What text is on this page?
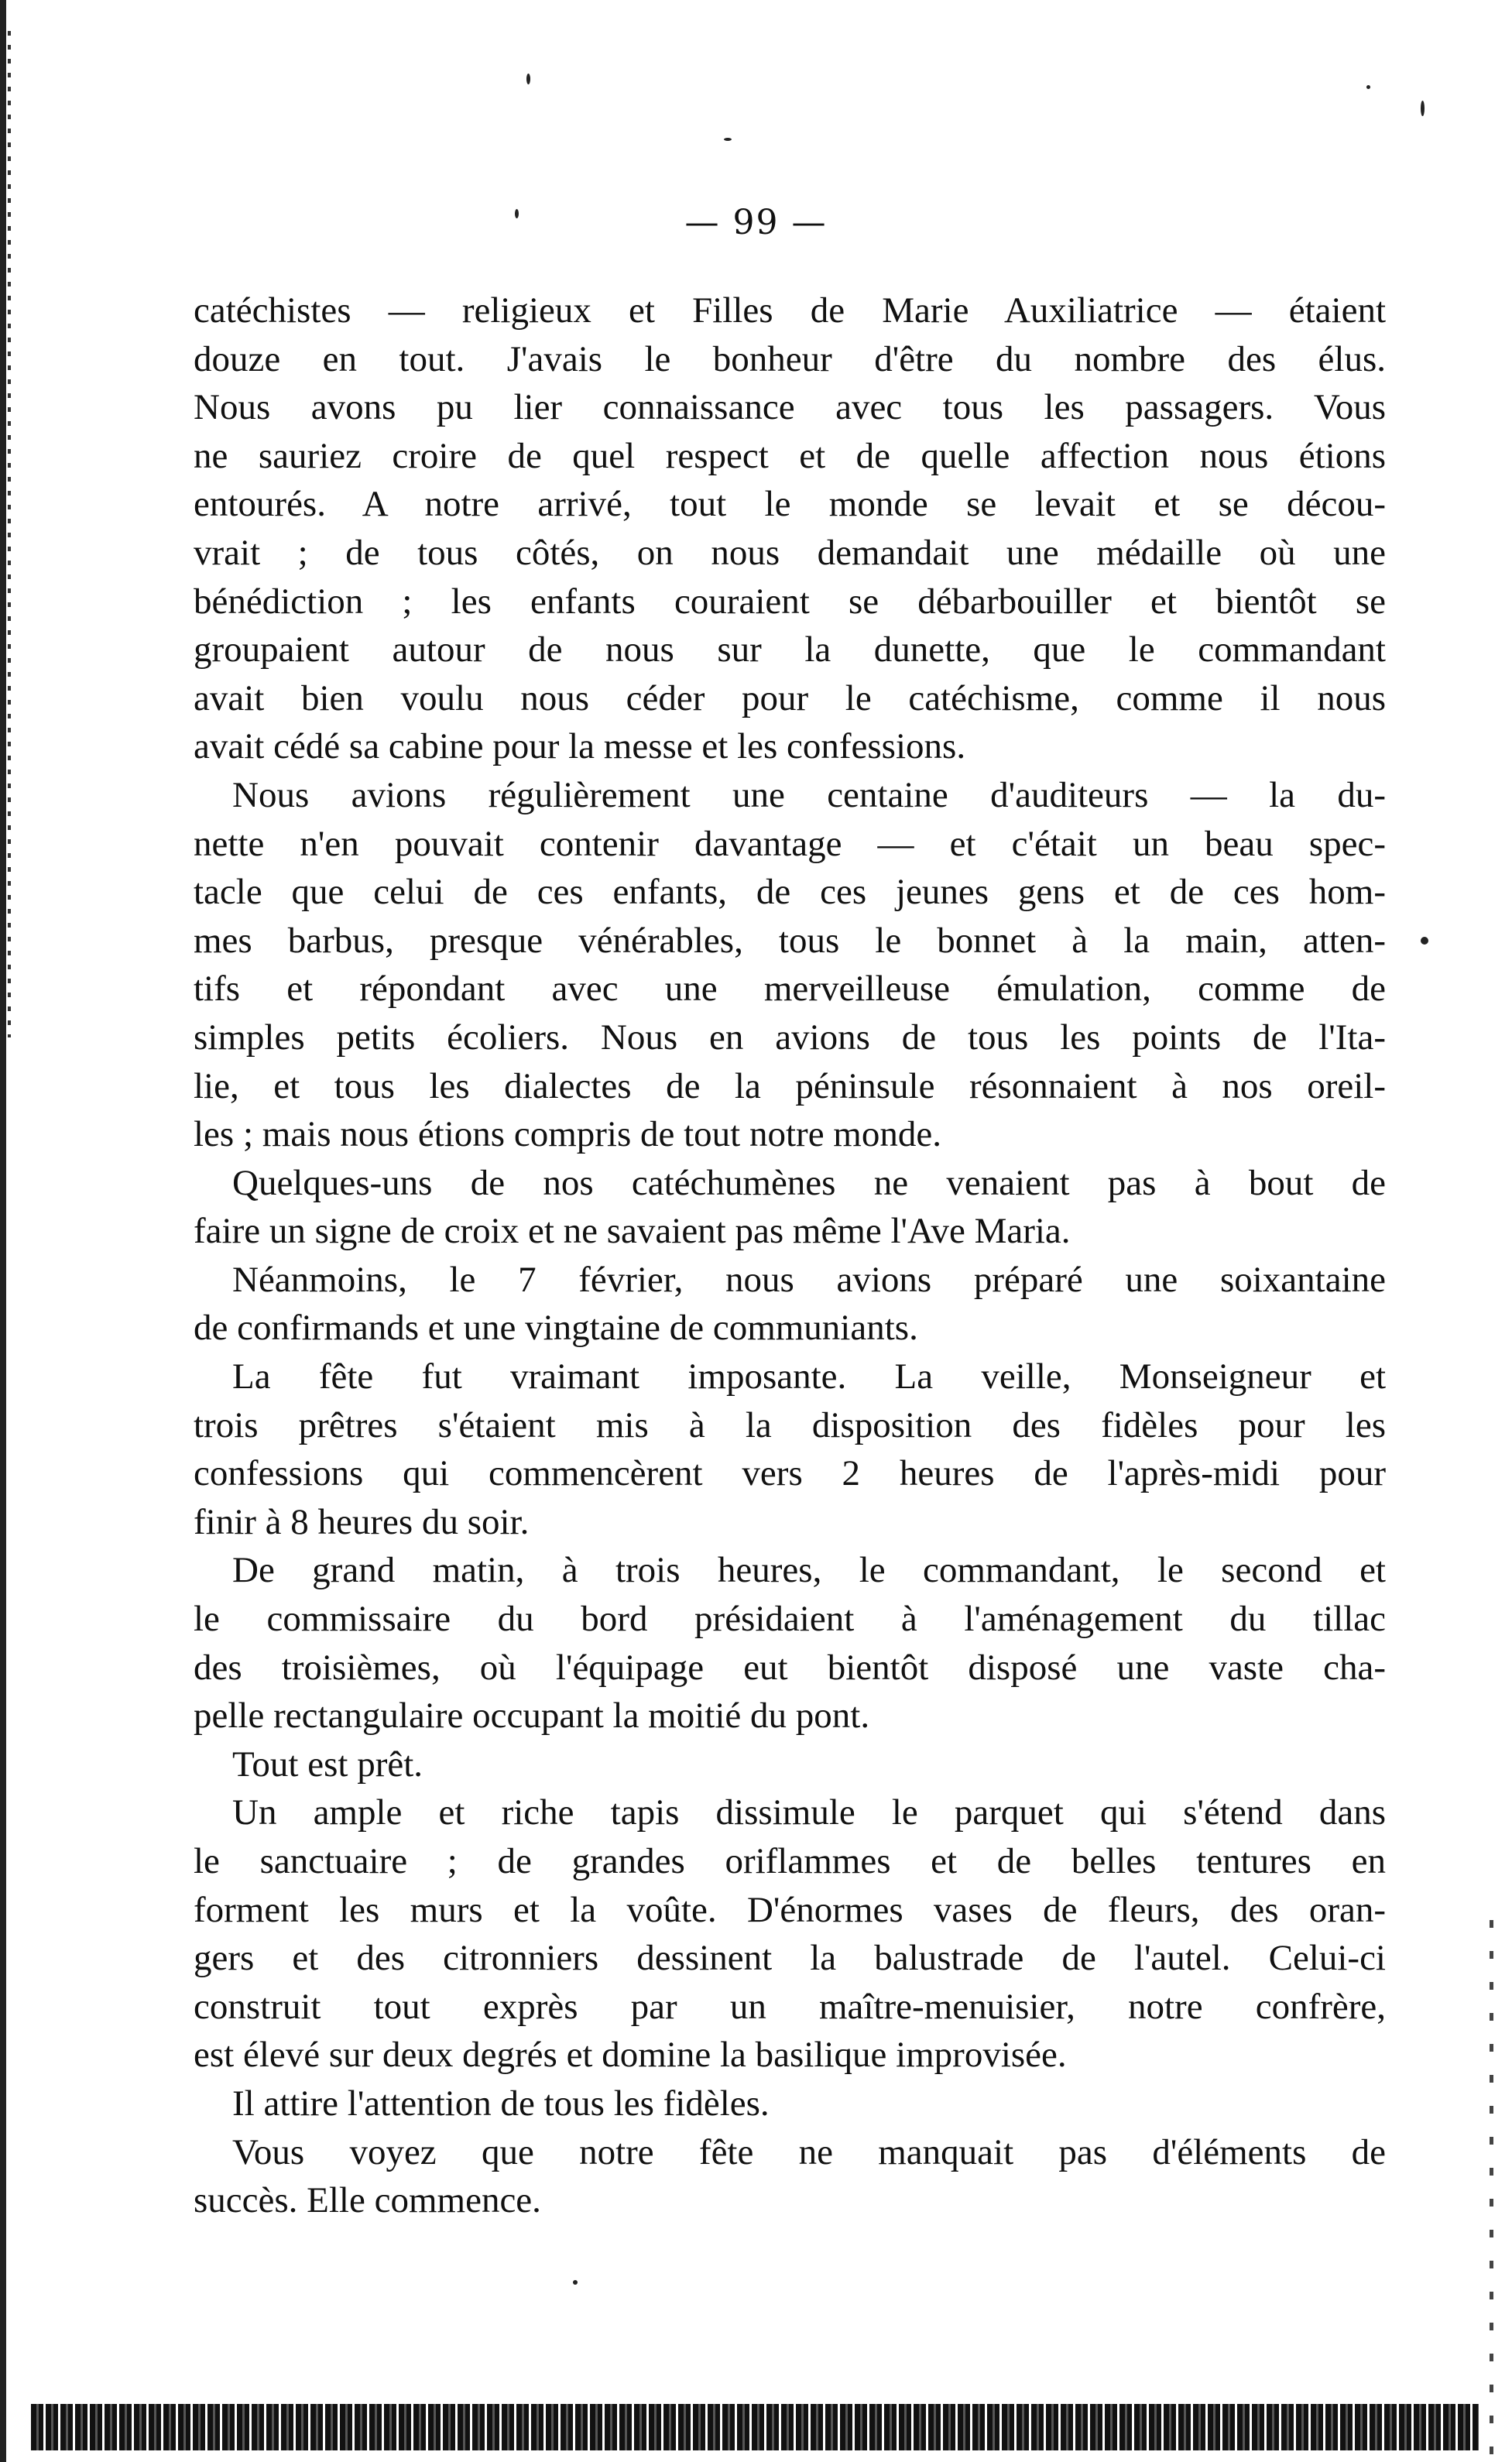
— 99 —
catéchistes — religieux et Filles de Marie Auxiliatrice — étaient
douze en tout. J'avais le bonheur d'être du nombre des élus.
Nous avons pu lier connaissance avec tous les passagers. Vous
ne sauriez croire de quel respect et de quelle affection nous étions
entourés. A notre arrivé, tout le monde se levait et se décou-
vrait ; de tous côtés, on nous demandait une médaille où une
bénédiction ; les enfants couraient se débarbouiller et bientôt se
groupaient autour de nous sur la dunette, que le commandant
avait bien voulu nous céder pour le catéchisme, comme il nous
avait cédé sa cabine pour la messe et les confessions.
Nous avions régulièrement une centaine d'auditeurs — la du-
nette n'en pouvait contenir davantage — et c'était un beau spec-
tacle que celui de ces enfants, de ces jeunes gens et de ces hom-
mes barbus, presque vénérables, tous le bonnet à la main, atten-
tifs et répondant avec une merveilleuse émulation, comme de
simples petits écoliers. Nous en avions de tous les points de l'Ita-
lie, et tous les dialectes de la péninsule résonnaient à nos oreil-
les ; mais nous étions compris de tout notre monde.
Quelques-uns de nos catéchumènes ne venaient pas à bout de
faire un signe de croix et ne savaient pas même l'Ave Maria.
Néanmoins, le 7 février, nous avions préparé une soixantaine
de confirmands et une vingtaine de communiants.
La fête fut vraimant imposante. La veille, Monseigneur et
trois prêtres s'étaient mis à la disposition des fidèles pour les
confessions qui commencèrent vers 2 heures de l'après-midi pour
finir à 8 heures du soir.
De grand matin, à trois heures, le commandant, le second et
le commissaire du bord présidaient à l'aménagement du tillac
des troisièmes, où l'équipage eut bientôt disposé une vaste cha-
pelle rectangulaire occupant la moitié du pont.
Tout est prêt.
Un ample et riche tapis dissimule le parquet qui s'étend dans
le sanctuaire ; de grandes oriflammes et de belles tentures en
forment les murs et la voûte. D'énormes vases de fleurs, des oran-
gers et des citronniers dessinent la balustrade de l'autel. Celui-ci
construit tout exprès par un maître-menuisier, notre confrère,
est élevé sur deux degrés et domine la basilique improvisée.
Il attire l'attention de tous les fidèles.
Vous voyez que notre fête ne manquait pas d'éléments de
succès. Elle commence.
